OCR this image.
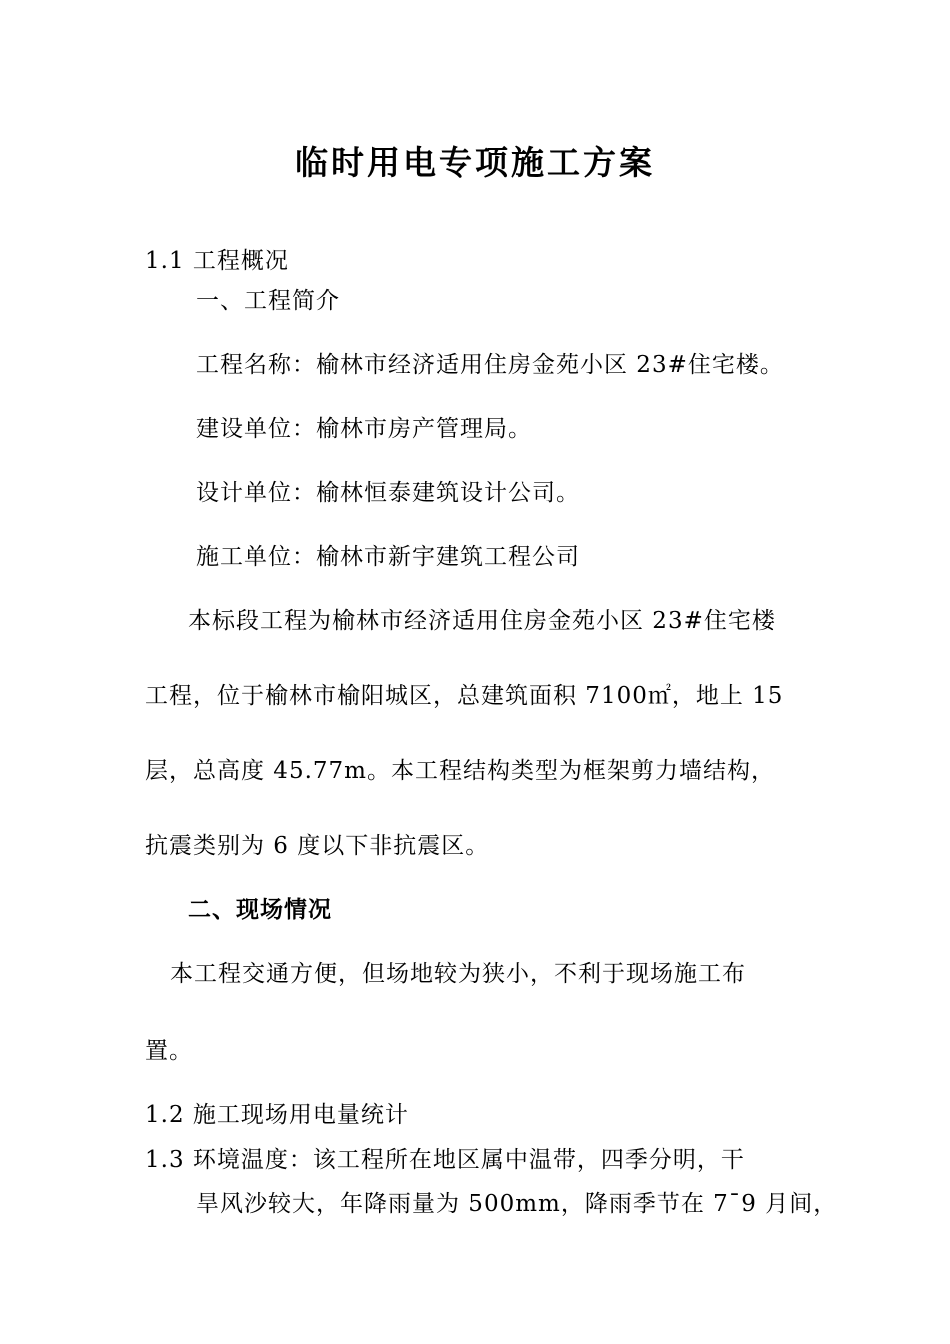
临时用电专项施工方案
1.1 工程概况
一、工程简介
工程名称：榆林市经济适用住房金苑小区 23#住宅楼。
建设单位：榆林市房产管理局。
设计单位：榆林恒泰建筑设计公司。
施工单位：榆林市新宇建筑工程公司
本标段工程为榆林市经济适用住房金苑小区 23#住宅楼
工程，位于榆林市榆阳城区，总建筑面积 7100㎡，地上 15
层，总高度 45.77m。本工程结构类型为框架剪力墙结构，
抗震类别为 6 度以下非抗震区。
二、现场情况
本工程交通方便，但场地较为狭小，不利于现场施工布
置。
1.2 施工现场用电量统计
1.3 环境温度：该工程所在地区属中温带，四季分明，干
旱风沙较大，年降雨量为 500mm，降雨季节在 7¯9 月间，
